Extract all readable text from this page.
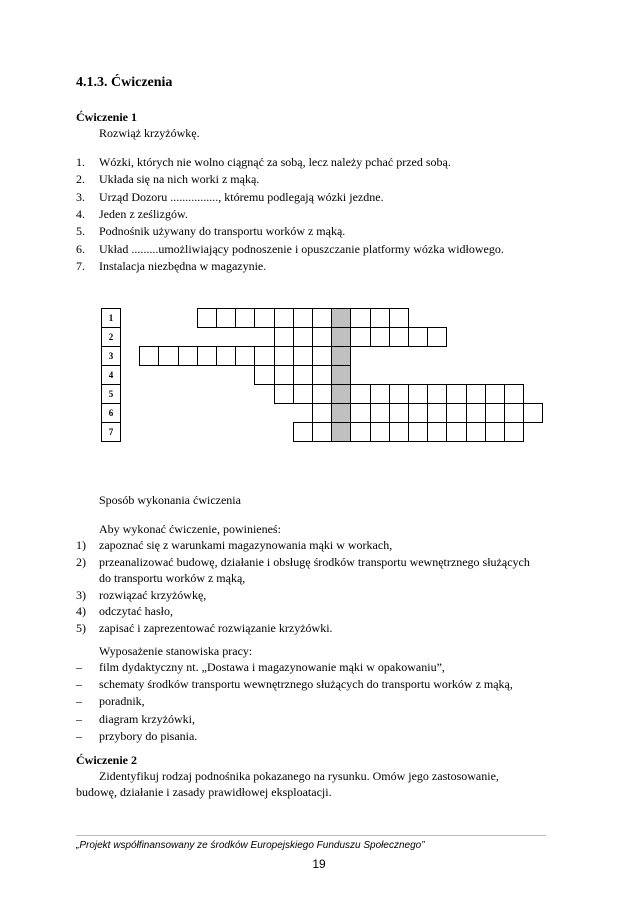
4.1.3. Ćwiczenia
Ćwiczenie 1
Rozwiąż krzyżówkę.
1. Wózki, których nie wolno ciągnąć za sobą, lecz należy pchać przed sobą.
2. Układa się na nich worki z mąką.
3. Urząd Dozoru ................, któremu podlegają wózki jezdne.
4. Jeden z ześlizgów.
5. Podnośnik używany do transportu worków z mąką.
6. Układ .........umożliwiający podnoszenie i opuszczanie platformy wózka widłowego.
7. Instalacja niezbędna w magazynie.
1
2
3
4
5
6
7
Sposób wykonania ćwiczenia
Aby wykonać ćwiczenie, powinieneś:
1) zapoznać się z warunkami magazynowania mąki w workach,
2) przeanalizować budowę, działanie i obsługę środków transportu wewnętrznego służących
do transportu worków z mąką,
3) rozwiązać krzyżówkę,
4) odczytać hasło,
5) zapisać i zaprezentować rozwiązanie krzyżówki.
Wyposażenie stanowiska pracy:
– film dydaktyczny nt. „Dostawa i magazynowanie mąki w opakowaniu”,
– schematy środków transportu wewnętrznego służących do transportu worków z mąką,
– poradnik,
– diagram krzyżówki,
– przybory do pisania.
Ćwiczenie 2
Zidentyfikuj rodzaj podnośnika pokazanego na rysunku. Omów jego zastosowanie,
budowę, działanie i zasady prawidłowej eksploatacji.
„Projekt współfinansowany ze środków Europejskiego Funduszu Społecznego”
19
